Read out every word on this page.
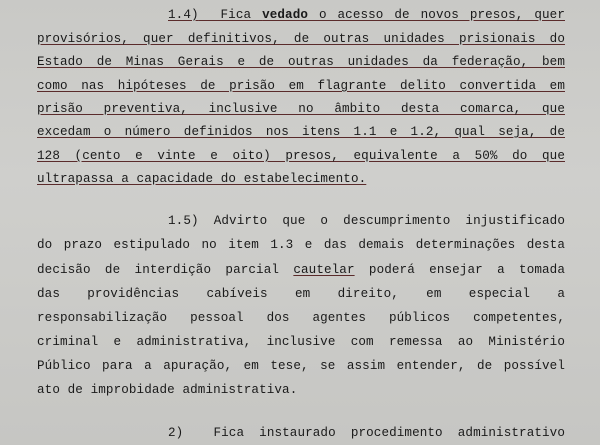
1.4) Fica vedado o acesso de novos presos, quer
provisórios, quer definitivos, de outras unidades prisionais do
Estado de Minas Gerais e de outras unidades da federação, bem
como nas hipóteses de prisão em flagrante delito convertida em
prisão preventiva, inclusive no âmbito desta comarca, que
excedam o número definidos nos itens 1.1 e 1.2, qual seja, de
128 (cento e vinte e oito) presos, equivalente a 50% do que
ultrapassa a capacidade do estabelecimento.
1.5) Advirto que o descumprimento injustificado
do prazo estipulado no item 1.3 e das demais determinações desta
decisão de interdição parcial cautelar poderá ensejar a tomada
das providências cabíveis em direito, em especial a
responsabilização pessoal dos agentes públicos competentes,
criminal e administrativa, inclusive com remessa ao Ministério
Público para a apuração, em tese, se assim entender, de possível
ato de improbidade administrativa.
2) Fica instaurado procedimento administrativo
